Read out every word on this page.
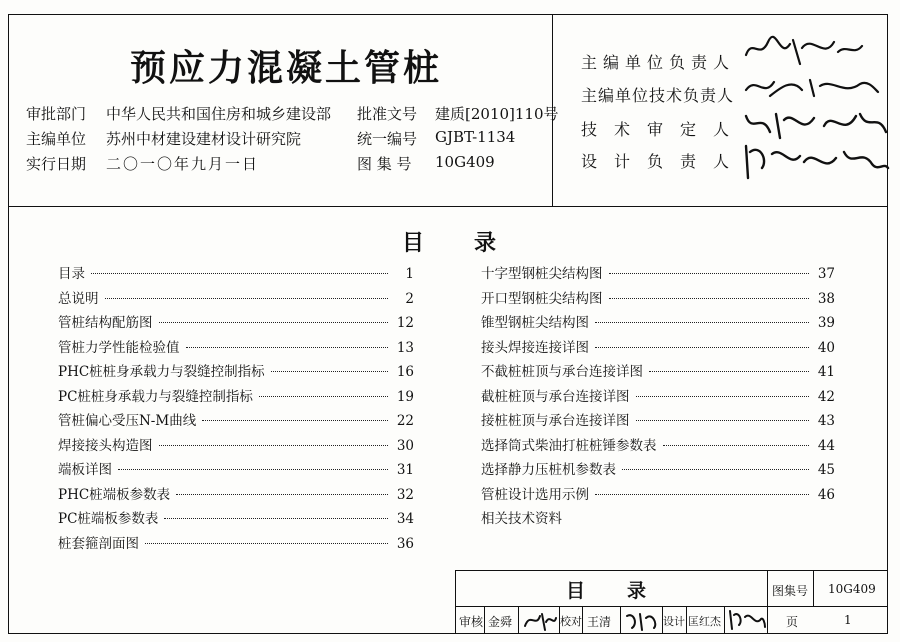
预应力混凝土管桩
审批部门 中华人民共和国住房和城乡建设部 批准文号 建质[2010]110号
主编单位 苏州中材建设建材设计研究院	统一编号 GJBT-1134
实行日期 二〇一〇年九月一日	图 集 号 10G409
主编单位负责人
主编单位技术负责人
技术审定人
设计负责人
目录
目录	1
总说明	2
管桩结构配筋图	12
管桩力学性能检验值	13
PHC桩桩身承载力与裂缝控制指标	16
PC桩桩身承载力与裂缝控制指标	19
管桩偏心受压N-M曲线	22
焊接接头构造图	30
端板详图	31
PHC桩端板参数表	32
PC桩端板参数表	34
桩套箍剖面图	36
十字型钢桩尖结构图	37
开口型钢桩尖结构图	38
锥型钢桩尖结构图	39
接头焊接连接详图	40
不截桩桩顶与承台连接详图	41
截桩桩顶与承台连接详图	42
接桩桩顶与承台连接详图	43
选择筒式柴油打桩桩锤参数表	44
选择静力压桩机参数表	45
管桩设计选用示例	46
相关技术资料
目录	图集号 10G409
审核 金舜	校对 王清	设计 匡红杰	页	1
